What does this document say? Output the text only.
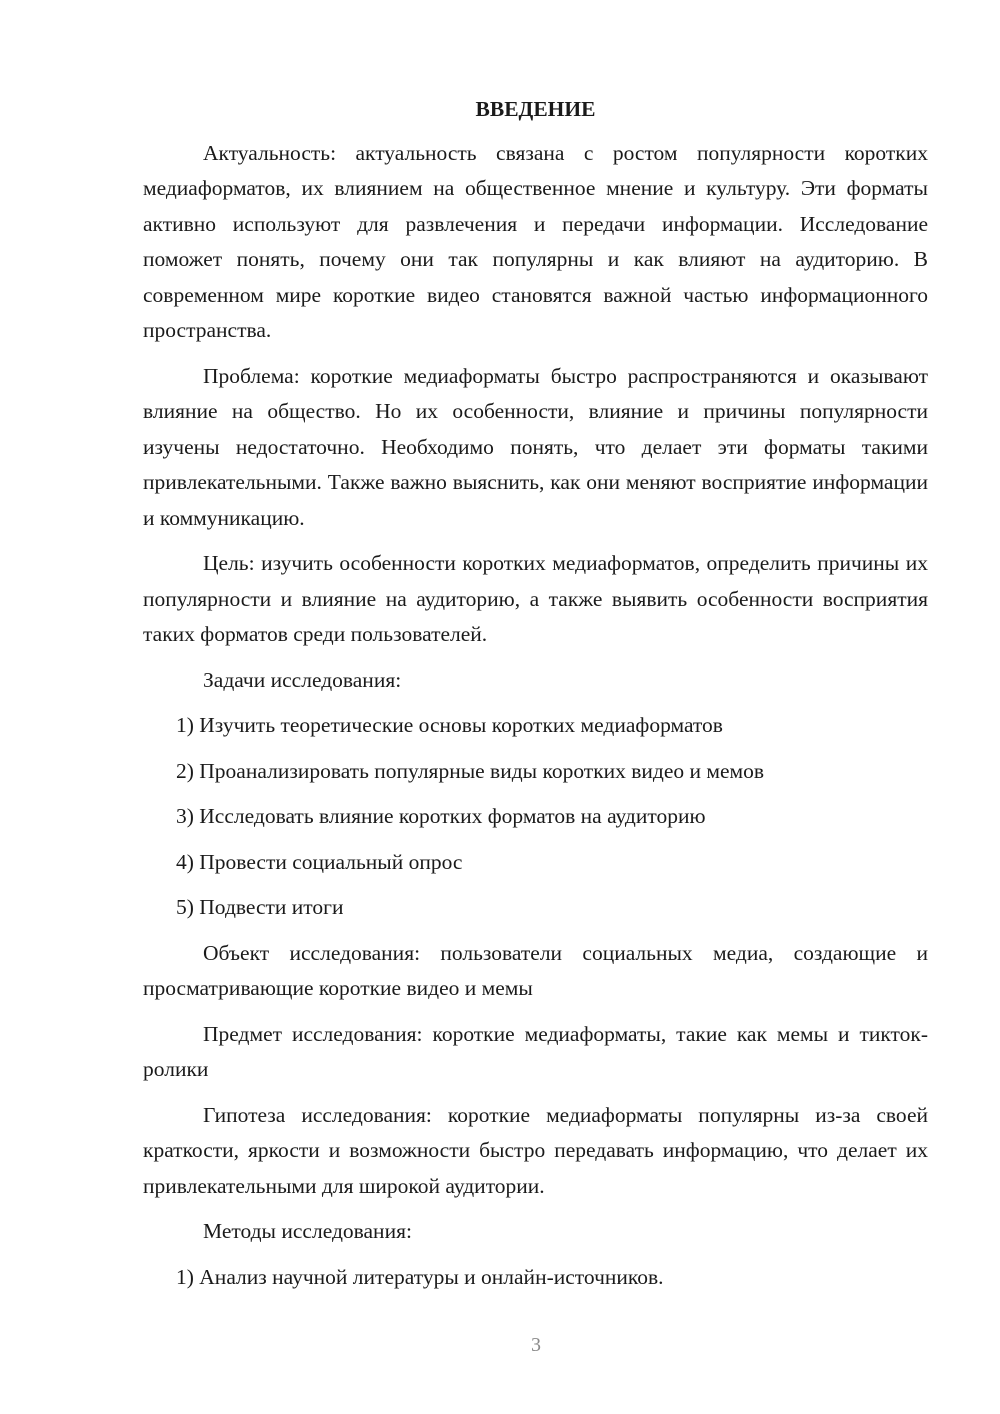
ВВЕДЕНИЕ

Актуальность: актуальность связана с ростом популярности коротких медиаформатов, их влиянием на общественное мнение и культуру. Эти форматы активно используют для развлечения и передачи информации. Исследование поможет понять, почему они так популярны и как влияют на аудиторию. В современном мире короткие видео становятся важной частью информационного пространства.

Проблема: короткие медиаформаты быстро распространяются и оказывают влияние на общество. Но их особенности, влияние и причины популярности изучены недостаточно. Необходимо понять, что делает эти форматы такими привлекательными. Также важно выяснить, как они меняют восприятие информации и коммуникацию.

Цель: изучить особенности коротких медиаформатов, определить причины их популярности и влияние на аудиторию, а также выявить особенности восприятия таких форматов среди пользователей.

Задачи исследования:

1) Изучить теоретические основы коротких медиаформатов

2) Проанализировать популярные виды коротких видео и мемов

3) Исследовать влияние коротких форматов на аудиторию

4) Провести социальный опрос

5) Подвести итоги

Объект исследования: пользователи социальных медиа, создающие и просматривающие короткие видео и мемы

Предмет исследования: короткие медиаформаты, такие как мемы и тикток-ролики

Гипотеза исследования: короткие медиаформаты популярны из-за своей краткости, яркости и возможности быстро передавать информацию, что делает их привлекательными для широкой аудитории.

Методы исследования:

1) Анализ научной литературы и онлайн-источников.

3
